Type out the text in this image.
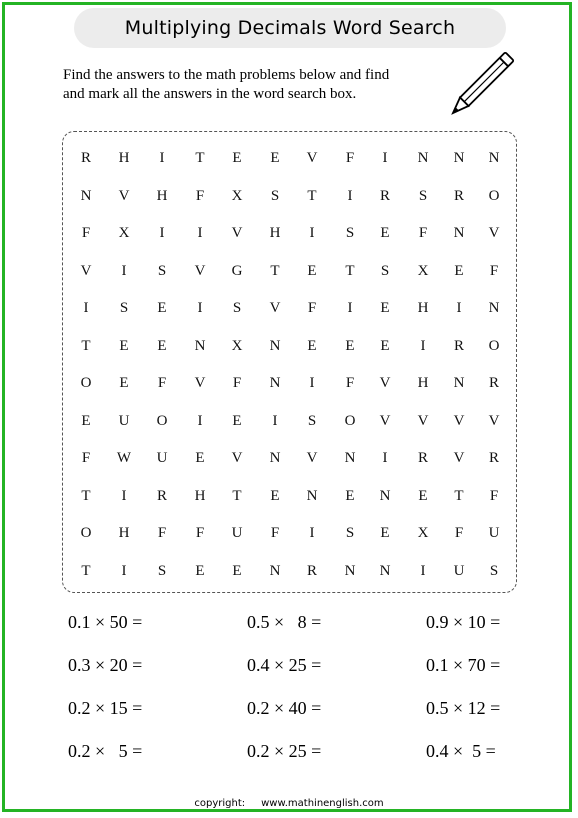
Multiplying Decimals Word Search
Find the answers to the math problems below and find
and mark all the answers in the word search box.
R	H	I	T	E	E	V	F	I	N	N	N
N	V	H	F	X	S	T	I	R	S	R	O
F	X	I	I	V	H	I	S	E	F	N	V
V	I	S	V	G	T	E	T	S	X	E	F
I	S	E	I	S	V	F	I	E	H	I	N
T	E	E	N	X	N	E	E	E	I	R	O
O	E	F	V	F	N	I	F	V	H	N	R
E	U	O	I	E	I	S	O	V	V	V	V
F	W	U	E	V	N	V	N	I	R	V	R
T	I	R	H	T	E	N	E	N	E	T	F
O	H	F	F	U	F	I	S	E	X	F	U
T	I	S	E	E	N	R	N	N	I	U	S
0.1 × 50 =	0.5 ×   8 =	0.9 × 10 =
0.3 × 20 =	0.4 × 25 =	0.1 × 70 =
0.2 × 15 =	0.2 × 40 =	0.5 × 12 =
0.2 ×   5 =	0.2 × 25 =	0.4 ×  5 =
copyright: www.mathinenglish.com
